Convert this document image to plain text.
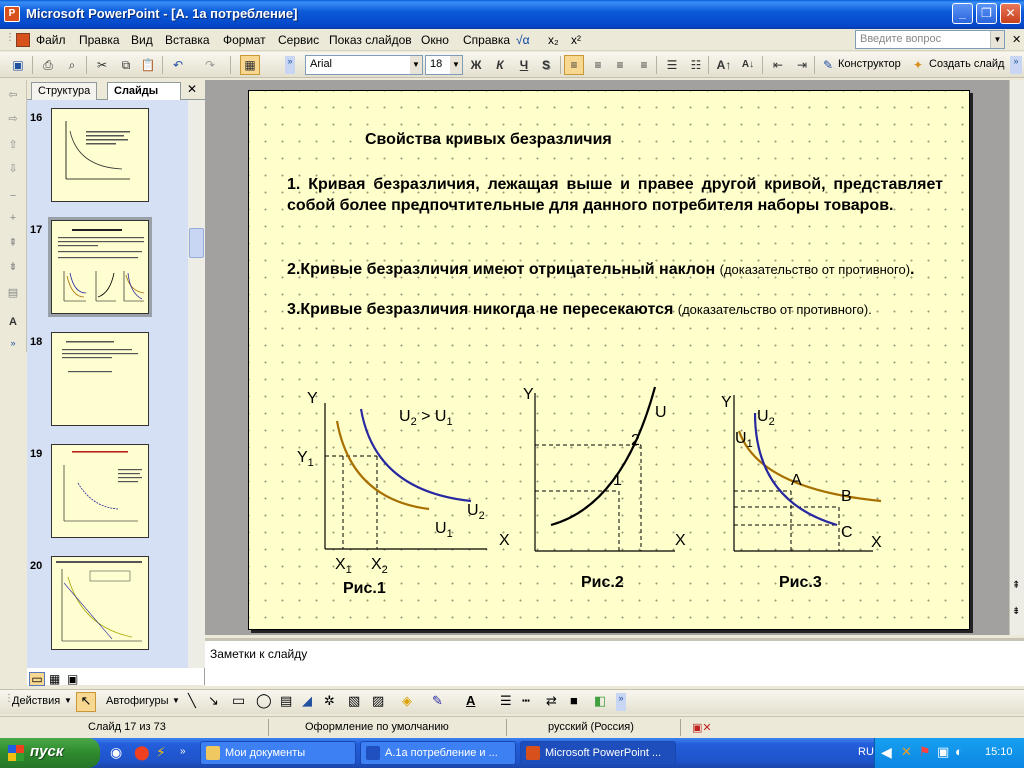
P Microsoft PowerPoint - [А. 1а потребление]	_	❐	✕
⋮ Файл Правка Вид Вставка Формат Сервис Показ слайдов Окно Справка √α x₂ x²	Введите вопрос	▼ ✕
▣	⎙	⌕	✂	⧉ 📋	↶	↷	▦	»	Arial	▼ 18 ▼ Ж	К	Ч	S	≡	≡	≡	≡	☰	☷	A↑	A↓	⇤	⇥	✎ Конструктор	✦ Создать слайд	»
⇦
⇨
⇧
⇩
+
−
⇞
⇟
▤
A
»
Структура	Слайды	✕
16
17
18
19
20
▭ ▦ ▣
⇞
⇟
Свойства кривых безразличия
1. Кривая безразличия, лежащая выше и правее другой кривой, представляет собой более предпочтительные для данного потребителя наборы товаров.
2.Кривые безразличия имеют отрицательный наклон (доказательство от противного).
3.Кривые безразличия никогда не пересекаются (доказательство от противного).
Y
X
$Y_1$
$X_1$ $X_2$
$U_1$
$U_2$
$U_2 > U_1$
Рис.1
Y
X
U
1
2
Рис.2
Y
X
$U_1$
$U_2$
A
B
C
Рис.3
Заметки к слайду
⋮
Действия ▼ ↖	Автофигуры ▼ ╲ ↘ ▭ ◯ ▤ ◢ ✲ ▧ ▨ ◈ ✎ A ☰ ┅ ⇄ ■ ◧ »
Слайд 17 из 73	Оформление по умолчанию	русский (Россия)	▣✕
пуск	◉ ⬤ ⚡ »	Мои документы	А.1а потребление и ...	Microsoft PowerPoint ...	RU ◀ ✕ ⚑ ▣ ◐ 15:10
